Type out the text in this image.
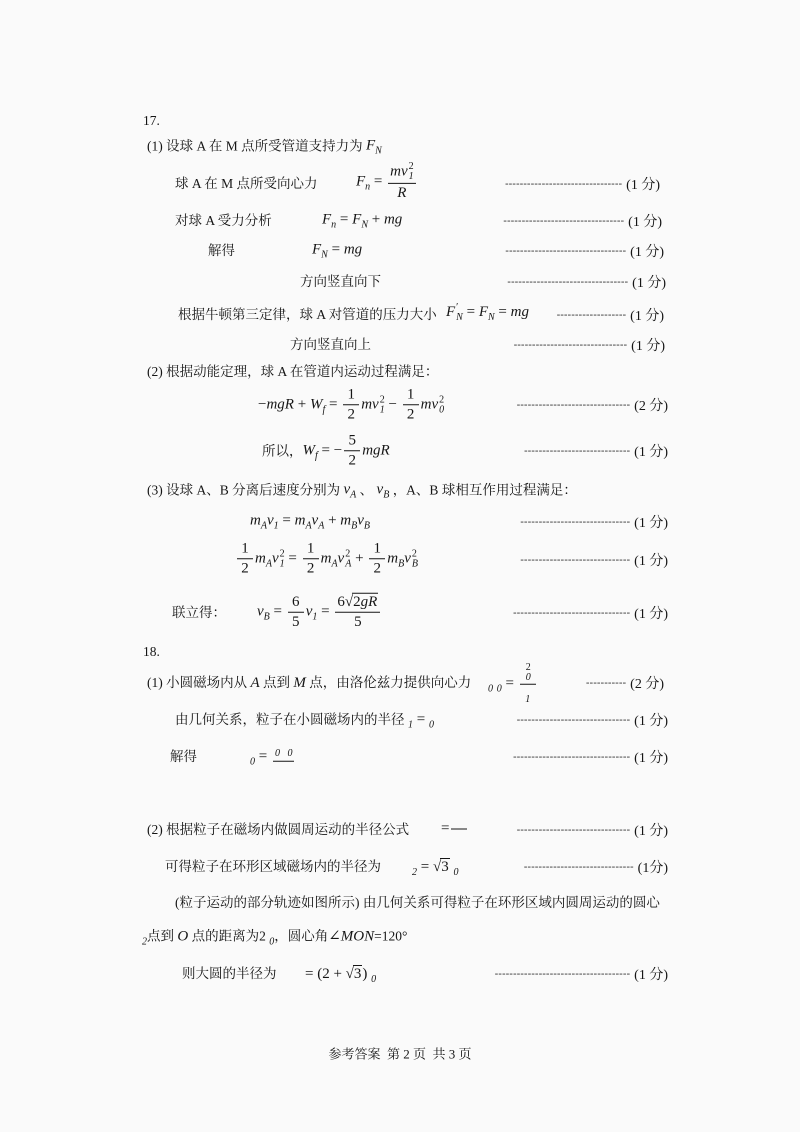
17.
(1) 设球 A 在 M 点所受管道支持力为 $F_N$
球 A 在 M 点所受向心力	$F_n$ = mv 2
1
R	-------------------------------- (1 分)
对球 A 受力分析	$F_n = F_N$ + mg	--------------------------------- (1 分)
解得	$F_N$ = mg	--------------------------------- (1 分)
方向竖直向下	--------------------------------- (1 分)
根据牛顿第三定律，球 A 对管道的压力大小 F ′
$N = F_N$ = mg	------------------- (1 分)
方向竖直向上	------------------------------- (1 分)
(2) 根据动能定理，球 A 在管道内运动过程满足：
$-mgR + W_f = \frac{1}{2}$ mv 2
$1 - \frac{1}{2}$ mv 2
0	------------------------------- (2 分)
所以， $W_f$ = − $\frac{5}{2}$ mgR	----------------------------- (1 分)
(3) 设球 A、B 分离后速度分别为 $v_A$ 、 $v_B$ ，A、B 球相互作用过程满足：
$m_Av_1 = m_Av_A + m_Bv_B$	------------------------------ (1 分)
$\frac{1}{2} m_Av$ 2
$1 = \frac{1}{2} m_Av$ 2
$A + \frac{1}{2} m_Bv$ 2
B	------------------------------ (1 分)
联立得： $v_B = \frac{6}{5} v_1 = \frac{6√2gR}{5}$	-------------------------------- (1 分)
18.
(1) 小圆磁场内从 A 点到 M 点，由洛伦兹力提供向心力 $_0$ $_0$ = 2
0
$_1$	----------- (2 分)
由几何关系，粒子在小圆磁场内的半径 $_1$ = $_0$	------------------------------- (1 分)
解得	$_0$ = $_0$ $_0$	-------------------------------- (1 分)
(2) 根据粒子在磁场内做圆周运动的半径公式 =	------------------------------- (1 分)
可得粒子在环形区域磁场内的半径为	$_2$ = √3 $_0$	------------------------------ (1分)
(粒子运动的部分轨迹如图所示) 由几何关系可得粒子在环形区域内圆周运动的圆心
$_2$点到 O 点的距离为2 $_0$，圆心角∠MON=120°
则大圆的半径为 = (2 + √3) $_0$	------------------------------------- (1 分)
参考答案  第 2 页  共 3 页
